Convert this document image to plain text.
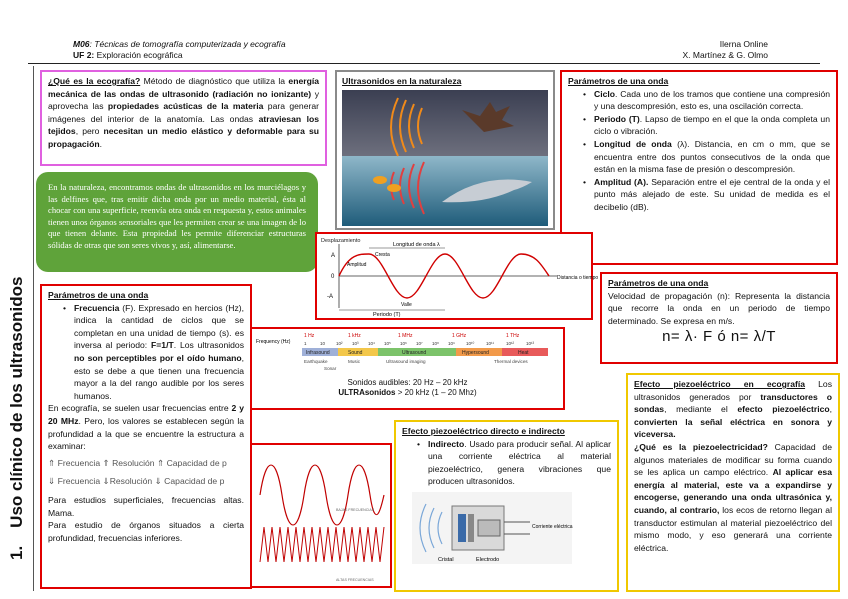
M06: Técnicas de tomografía computerizada y ecografía
UF 2: Exploración ecográfica
Ilerna Online
X. Martínez & G. Olmo
1.
Uso clínico de los ultrasonidos
¿Qué es la ecografía? Método de diagnóstico que utiliza la energía mecánica de las ondas de ultrasonido (radiación no ionizante) y aprovecha las propiedades acústicas de la materia para generar imágenes del interior de la anatomía. Las ondas atraviesan los tejidos, pero necesitan un medio elástico y deformable para su propagación.
En la naturaleza, encontramos ondas de ultrasonidos en los murciélagos y las delfines que, tras emitir dicha onda por un medio material, ésta al chocar con una superficie, reenvía otra onda en respuesta y, estos animales tienen unos órganos sensoriales que les permiten crear se una imagen de lo que tienen delante. Esta propiedad les permite diferenciar estructuras sólidas de otras que son seres vivos y, así, alimentarse.
Ultrasonidos en la naturaleza	Parámetros de una onda
• Ciclo. Cada uno de los tramos que contiene una compresión y una descompresión, esto es, una oscilación correcta.
• Periodo (T). Lapso de tiempo en el que la onda completa un ciclo o vibración.
• Longitud de onda (λ). Distancia, en cm o mm, que se encuentra entre dos puntos consecutivos de la onda que están en la misma fase de presión o descompresión.
• Amplitud (A). Separación entre el eje central de la onda y el punto más alejado de este. Su unidad de medida es el decibelio (dB).
Desplazamiento
A
0
-A
Longitud de onda λ
Cresta
Amplitud
Valle
Periodo (T)
Distancia o tiempo
Frequency (Hz)
1 Hz	1 kHz	1 MHz	1 GHz	1 THz
1	10 10² 10³ 10⁴ 10⁵ 10⁶ 10⁷ 10⁸ 10⁹ 10¹⁰	10¹¹	10¹²	10¹³
Infrasound	Sound	Ultrasound	Hypersound	Heat
Earthquake	Music
Sonar
Ultrasound imaging	Thermal devices
Sonidos audibles: 20 Hz – 20 kHz
ULTRAsonidos > 20 kHz (1 – 20 Mhz)
Parámetros de una onda
• Frecuencia (F). Expresado en hercios (Hz), indica la cantidad de ciclos que se completan en una unidad de tiempo (s). es inversa al periodo: F=1/T. Los ultrasonidos no son perceptibles por el oído humano, esto se debe a que tienen una frecuencia mayor a la del rango audible por los seres humanos.
En ecografía, se suelen usar frecuencias entre 2 y 20 MHz. Pero, los valores se establecen según la profundidad a la que se encuentre la estructura a examinar:
⇑ Frecuencia ⇑ Resolución ⇑ Capacidad de p
⇓ Frecuencia ⇓Resolución ⇓ Capacidad de p
Para estudios superficiales, frecuencias altas. Mama.
Para estudio de órganos situados a cierta profundidad, frecuencias inferiores.
BAJAS FRECUENCIAS
ALTAS FRECUENCIAS
Efecto piezoeléctrico directo e indirecto
• Indirecto. Usado para producir señal. Al aplicar una corriente eléctrica al material piezoeléctrico, genera vibraciones que producen ultrasonidos.
Corriente eléctrica
Cristal	Electrodo
Parámetros de una onda
Velocidad de propagación (n): Representa la distancia que recorre la onda en un periodo de tiempo determinado. Se expresa en m/s.
n= λ· F ó n= λ/T
Efecto piezoeléctrico en ecografía Los ultrasonidos generados por transductores o sondas, mediante el efecto piezoeléctrico, convierten la señal eléctrica en sonora y viceversa.
¿Qué es la piezoelectricidad? Capacidad de algunos materiales de modificar su forma cuando se les aplica un campo eléctrico. Al aplicar esa energía al material, este va a expandirse y encogerse, generando una onda ultrasónica y, cuando, al contrario, los ecos de retorno llegan al transductor estimulan al material piezoeléctrico del mismo modo, y eso generará una corriente eléctrica.
